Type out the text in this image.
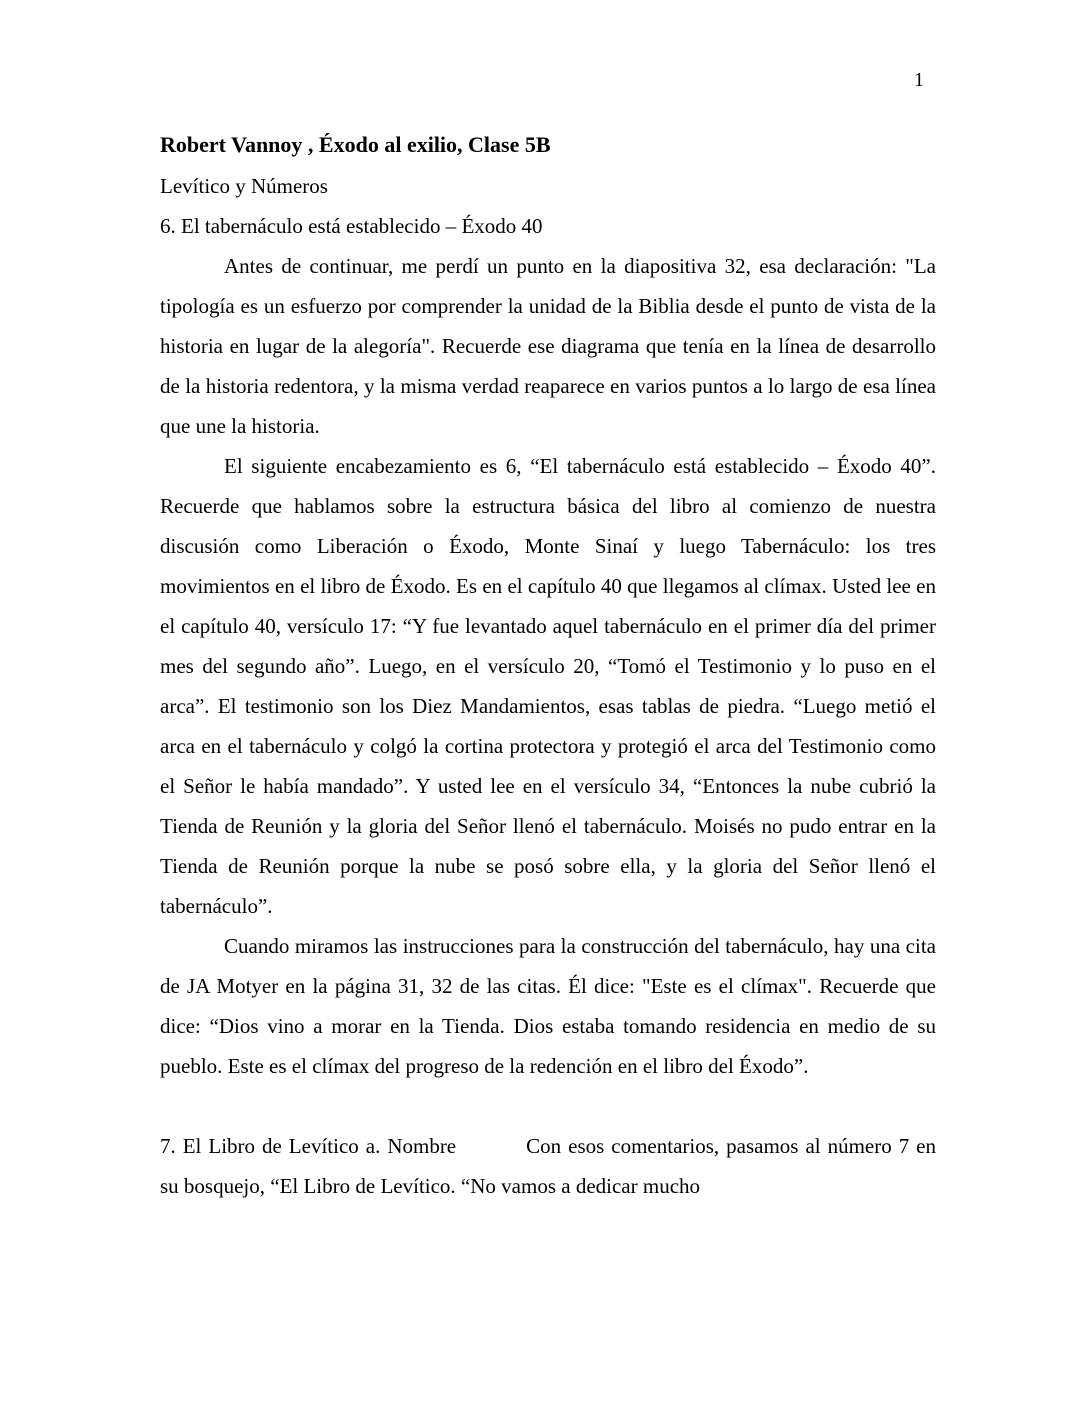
1

Robert Vannoy , Éxodo al exilio, Clase 5B

Levítico y Números

6. El tabernáculo está establecido – Éxodo 40

Antes de continuar, me perdí un punto en la diapositiva 32, esa declaración: "La tipología es un esfuerzo por comprender la unidad de la Biblia desde el punto de vista de la historia en lugar de la alegoría". Recuerde ese diagrama que tenía en la línea de desarrollo de la historia redentora, y la misma verdad reaparece en varios puntos a lo largo de esa línea que une la historia.

El siguiente encabezamiento es 6, “El tabernáculo está establecido – Éxodo 40”. Recuerde que hablamos sobre la estructura básica del libro al comienzo de nuestra discusión como Liberación o Éxodo, Monte Sinaí y luego Tabernáculo: los tres movimientos en el libro de Éxodo. Es en el capítulo 40 que llegamos al clímax. Usted lee en el capítulo 40, versículo 17: “Y fue levantado aquel tabernáculo en el primer día del primer mes del segundo año”. Luego, en el versículo 20, “Tomó el Testimonio y lo puso en el arca”. El testimonio son los Diez Mandamientos, esas tablas de piedra. “Luego metió el arca en el tabernáculo y colgó la cortina protectora y protegió el arca del Testimonio como el Señor le había mandado”. Y usted lee en el versículo 34, “Entonces la nube cubrió la Tienda de Reunión y la gloria del Señor llenó el tabernáculo. Moisés no pudo entrar en la Tienda de Reunión porque la nube se posó sobre ella, y la gloria del Señor llenó el tabernáculo”.

Cuando miramos las instrucciones para la construcción del tabernáculo, hay una cita de JA Motyer en la página 31, 32 de las citas. Él dice: "Este es el clímax". Recuerde que dice: “Dios vino a morar en la Tienda. Dios estaba tomando residencia en medio de su pueblo. Este es el clímax del progreso de la redención en el libro del Éxodo”.

7. El Libro de Levítico a. Nombre	Con esos comentarios, pasamos al número 7 en su bosquejo, “El Libro de Levítico. “No vamos a dedicar mucho
